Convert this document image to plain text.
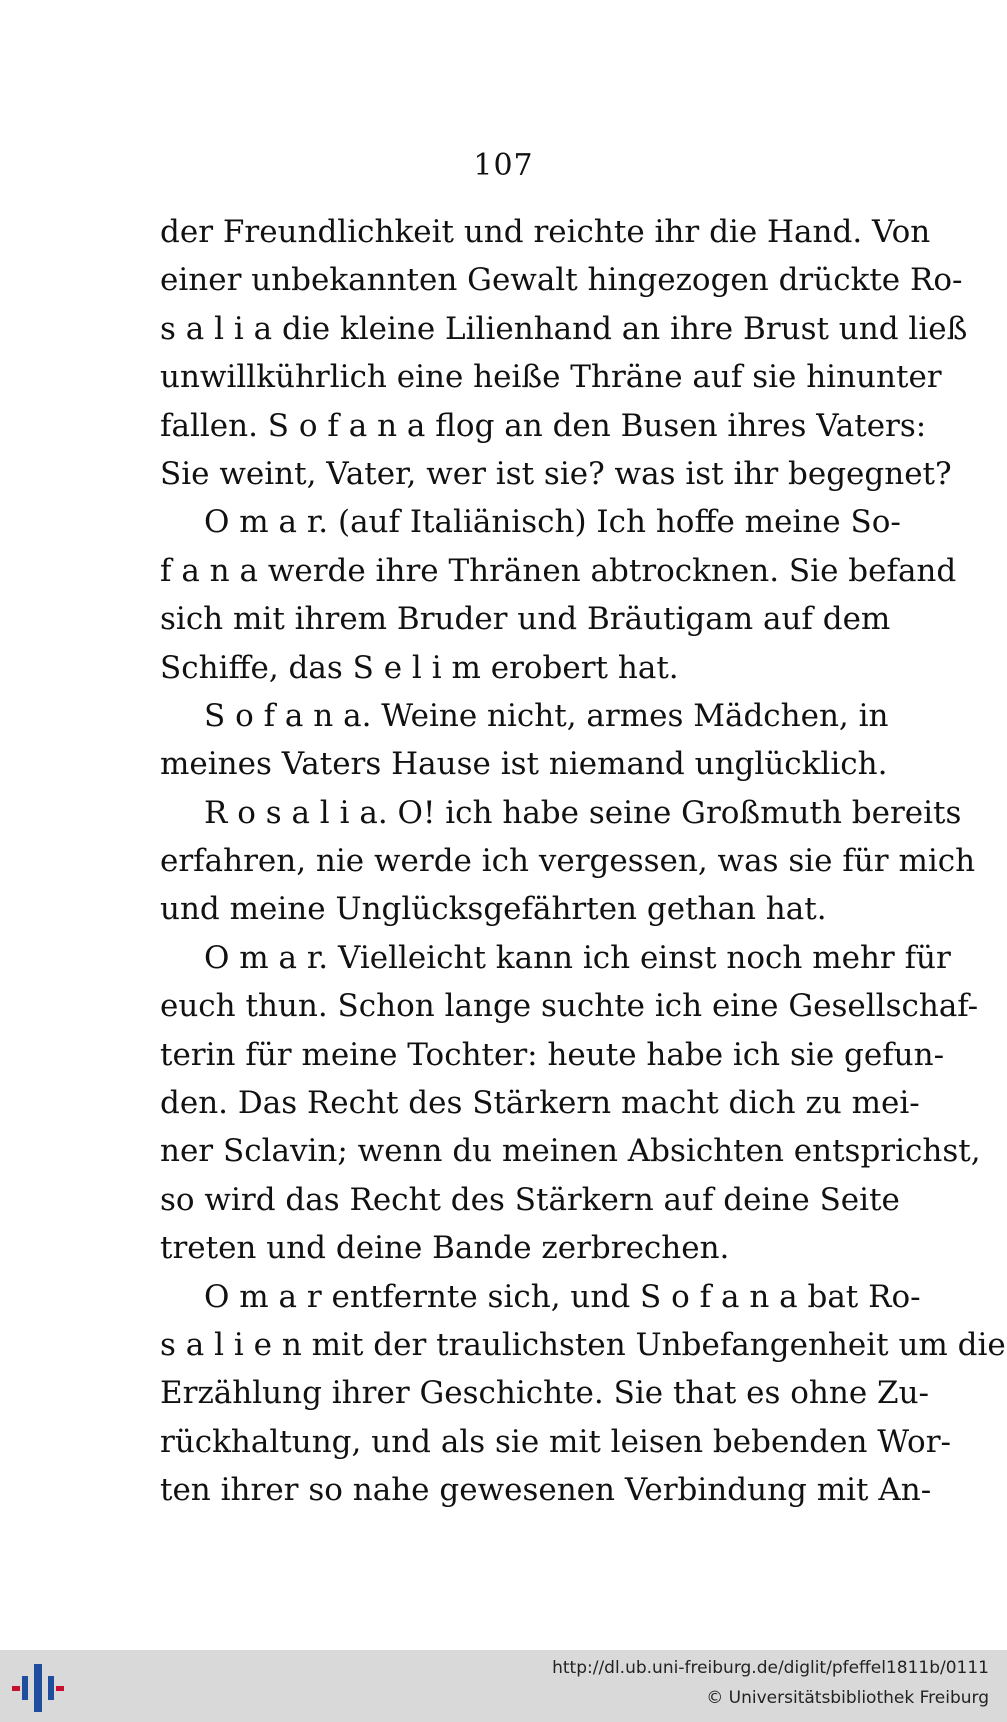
107
der Freundlichkeit und reichte ihr die Hand. Von
einer unbekannten Gewalt hingezogen drückte Ro-
s a l i a die kleine Lilienhand an ihre Brust und ließ
unwillkührlich eine heiße Thräne auf sie hinunter
fallen. S o f a n a flog an den Busen ihres Vaters:
Sie weint, Vater, wer ist sie? was ist ihr begegnet?
O m a r. (auf Italiänisch) Ich hoffe meine So-
f a n a werde ihre Thränen abtrocknen. Sie befand
sich mit ihrem Bruder und Bräutigam auf dem
Schiffe, das S e l i m erobert hat.
S o f a n a. Weine nicht, armes Mädchen, in
meines Vaters Hause ist niemand unglücklich.
R o s a l i a. O! ich habe seine Großmuth bereits
erfahren, nie werde ich vergessen, was sie für mich
und meine Unglücksgefährten gethan hat.
O m a r. Vielleicht kann ich einst noch mehr für
euch thun. Schon lange suchte ich eine Gesellschaf-
terin für meine Tochter: heute habe ich sie gefun-
den. Das Recht des Stärkern macht dich zu mei-
ner Sclavin; wenn du meinen Absichten entsprichst,
so wird das Recht des Stärkern auf deine Seite
treten und deine Bande zerbrechen.
O m a r entfernte sich, und S o f a n a bat Ro-
s a l i e n mit der traulichsten Unbefangenheit um die
Erzählung ihrer Geschichte. Sie that es ohne Zu-
rückhaltung, und als sie mit leisen bebenden Wor-
ten ihrer so nahe gewesenen Verbindung mit An-
http://dl.ub.uni-freiburg.de/diglit/pfeffel1811b/0111
© Universitätsbibliothek Freiburg
